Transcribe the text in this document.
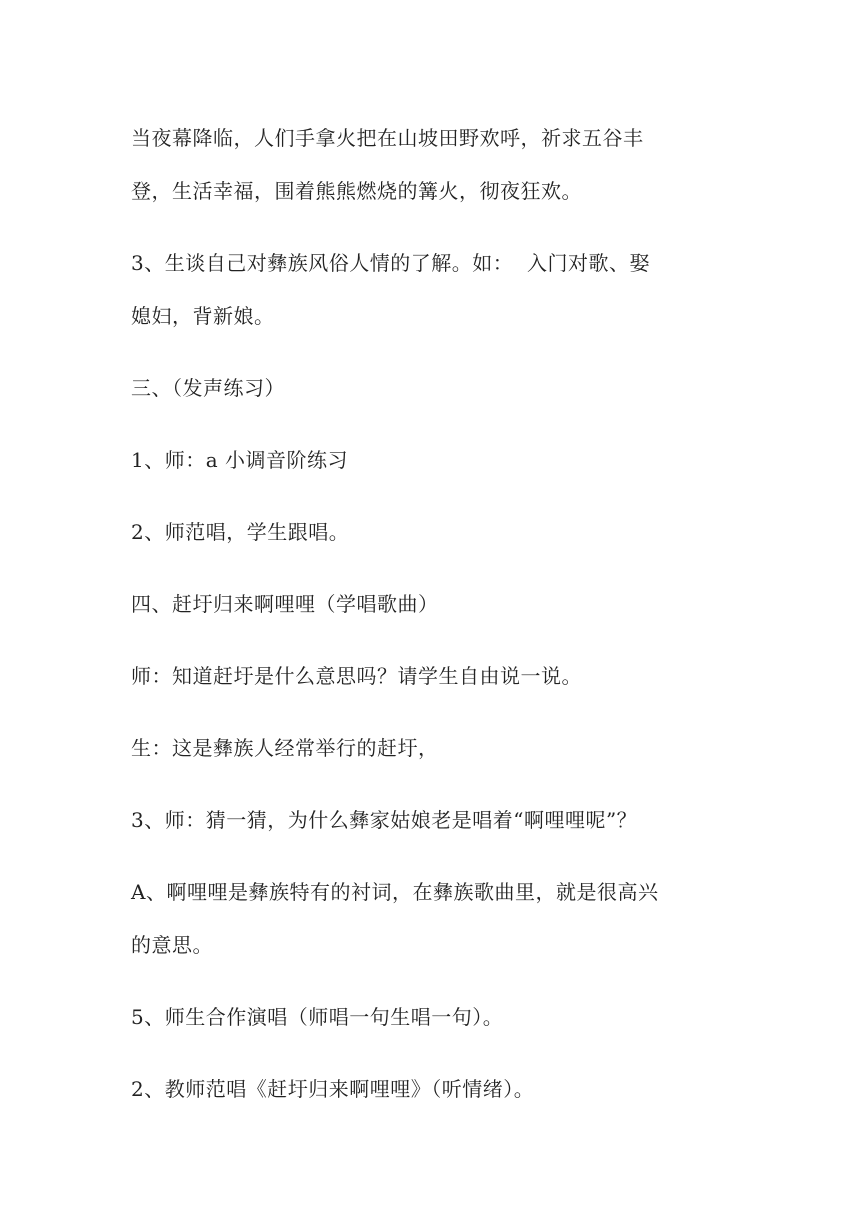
当夜幕降临，人们手拿火把在山坡田野欢呼，祈求五谷丰
登，生活幸福，围着熊熊燃烧的篝火，彻夜狂欢。

3、生谈自己对彝族风俗人情的了解。如：  入门对歌、娶
媳妇，背新娘。

三、（发声练习）

1、师：a 小调音阶练习

2、师范唱，学生跟唱。

四、赶圩归来啊哩哩（学唱歌曲）

师：知道赶圩是什么意思吗？请学生自由说一说。

生：这是彝族人经常举行的赶圩，

3、师：猜一猜，为什么彝家姑娘老是唱着“啊哩哩呢”？

A、啊哩哩是彝族特有的衬词，在彝族歌曲里，就是很高兴
的意思。

5、师生合作演唱（师唱一句生唱一句）。

2、教师范唱《赶圩归来啊哩哩》（听情绪）。
